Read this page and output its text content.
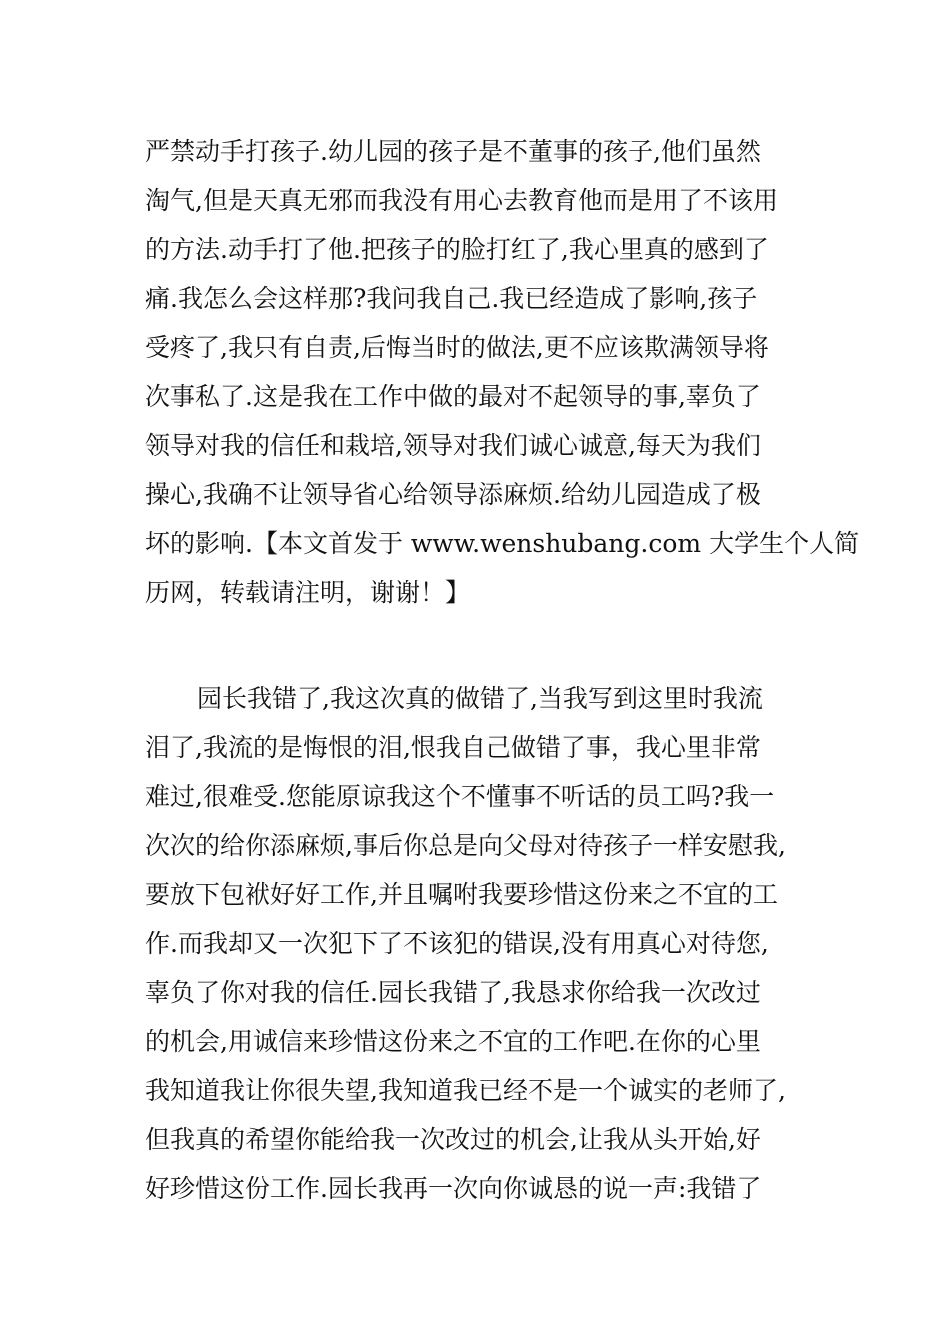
严禁动手打孩子.幼儿园的孩子是不董事的孩子,他们虽然
淘气,但是天真无邪而我没有用心去教育他而是用了不该用
的方法.动手打了他.把孩子的脸打红了,我心里真的感到了
痛.我怎么会这样那?我问我自己.我已经造成了影响,孩子
受疼了,我只有自责,后悔当时的做法,更不应该欺满领导将
次事私了.这是我在工作中做的最对不起领导的事,辜负了
领导对我的信任和栽培,领导对我们诚心诚意,每天为我们
操心,我确不让领导省心给领导添麻烦.给幼儿园造成了极
坏的影响.【本文首发于 www.wenshubang.com 大学生个人简
历网，转载请注明，谢谢！】
园长我错了,我这次真的做错了,当我写到这里时我流
泪了,我流的是悔恨的泪,恨我自己做错了事，我心里非常
难过,很难受.您能原谅我这个不懂事不听话的员工吗?我一
次次的给你添麻烦,事后你总是向父母对待孩子一样安慰我,
要放下包袱好好工作,并且嘱咐我要珍惜这份来之不宜的工
作.而我却又一次犯下了不该犯的错误,没有用真心对待您,
辜负了你对我的信任.园长我错了,我恳求你给我一次改过
的机会,用诚信来珍惜这份来之不宜的工作吧.在你的心里
我知道我让你很失望,我知道我已经不是一个诚实的老师了,
但我真的希望你能给我一次改过的机会,让我从头开始,好
好珍惜这份工作.园长我再一次向你诚恳的说一声:我错了
